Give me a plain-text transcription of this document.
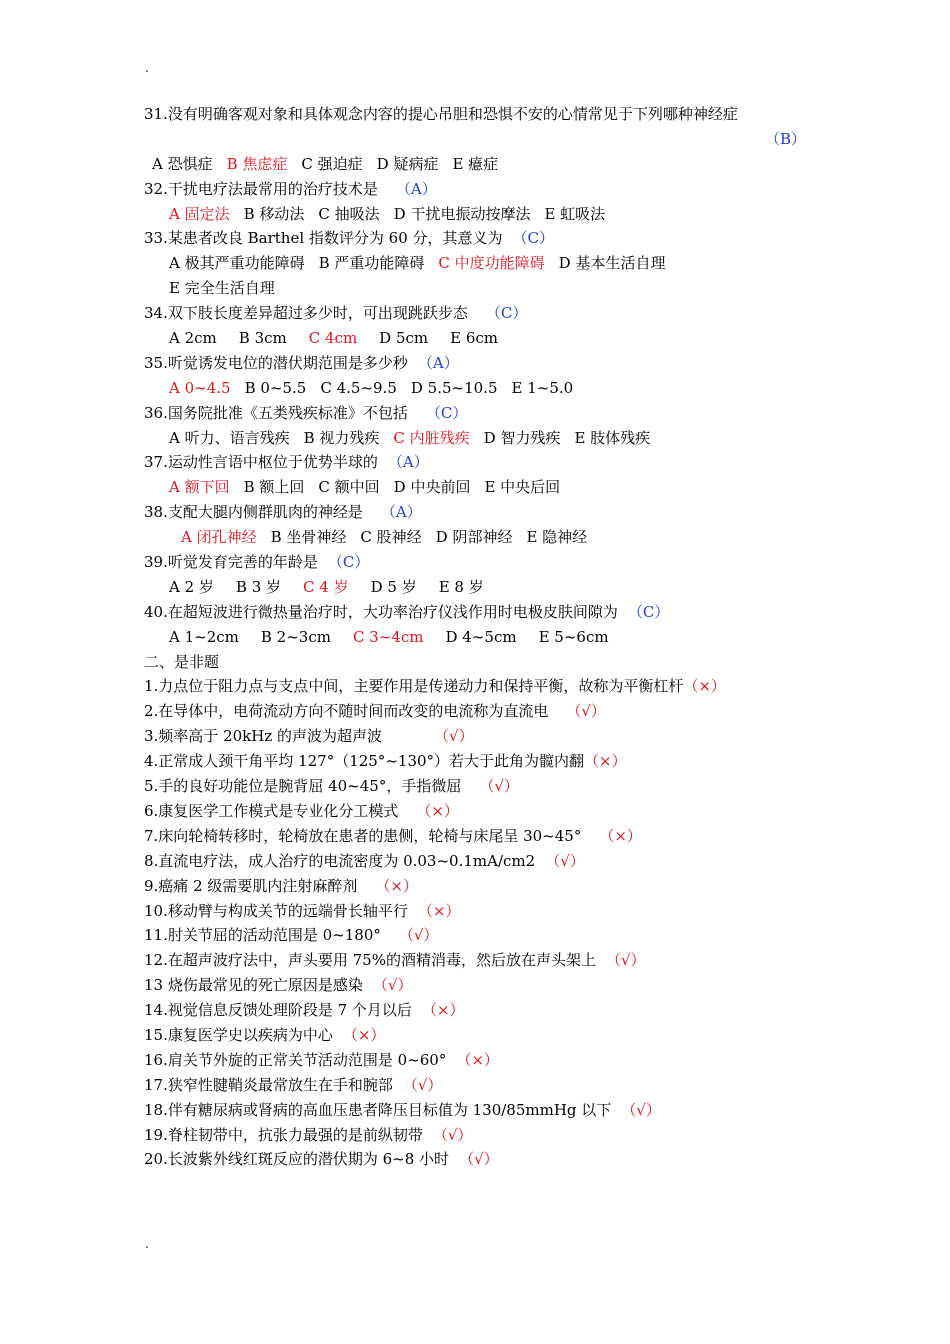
.
31.没有明确客观对象和具体观念内容的提心吊胆和恐惧不安的心情常见于下列哪种神经症
（B）
A 恐惧症 B 焦虑症 C 强迫症 D 疑病症 E 癔症
32.干扰电疗法最常用的治疗技术是 （A）
A 固定法 B 移动法 C 抽吸法 D 干扰电振动按摩法 E 虹吸法
33.某患者改良 Barthel 指数评分为 60 分，其意义为 （C）
A 极其严重功能障碍 B 严重功能障碍 C 中度功能障碍 D 基本生活自理
E 完全生活自理
34.双下肢长度差异超过多少时，可出现跳跃步态 （C）
A 2cm B 3cm C 4cm D 5cm E 6cm
35.听觉诱发电位的潜伏期范围是多少秒 （A）
A 0~4.5 B 0~5.5 C 4.5~9.5 D 5.5~10.5 E 1~5.0
36.国务院批准《五类残疾标准》不包括 （C）
A 听力、语言残疾 B 视力残疾 C 内脏残疾 D 智力残疾 E 肢体残疾
37.运动性言语中枢位于优势半球的 （A）
A 额下回 B 额上回 C 额中回 D 中央前回 E 中央后回
38.支配大腿内侧群肌肉的神经是 （A）
A 闭孔神经 B 坐骨神经 C 股神经 D 阴部神经 E 隐神经
39.听觉发育完善的年龄是 （C）
A 2 岁 B 3 岁 C 4 岁 D 5 岁 E 8 岁
40.在超短波进行微热量治疗时，大功率治疗仪浅作用时电极皮肤间隙为 （C）
A 1~2cm B 2~3cm C 3~4cm D 4~5cm E 5~6cm
二、是非题
1.力点位于阻力点与支点中间，主要作用是传递动力和保持平衡，故称为平衡杠杆（×）
2.在导体中，电荷流动方向不随时间而改变的电流称为直流电 （√）
3.频率高于 20kHz 的声波为超声波	（√）
4.正常成人颈干角平均 127°（125°~130°）若大于此角为髋内翻（×）
5.手的良好功能位是腕背屈 40~45°，手指微屈 （√）
6.康复医学工作模式是专业化分工模式 （×）
7.床向轮椅转移时，轮椅放在患者的患侧，轮椅与床尾呈 30~45° （×）
8.直流电疗法，成人治疗的电流密度为 0.03~0.1mA/cm2 （√）
9.癌痛 2 级需要肌内注射麻醉剂 （×）
10.移动臂与构成关节的远端骨长轴平行 （×）
11.肘关节屈的活动范围是 0~180° （√）
12.在超声波疗法中，声头要用 75%的酒精消毒，然后放在声头架上 （√）
13 烧伤最常见的死亡原因是感染 （√）
14.视觉信息反馈处理阶段是 7 个月以后 （×）
15.康复医学史以疾病为中心 （×）
16.肩关节外旋的正常关节活动范围是 0~60° （×）
17.狭窄性腱鞘炎最常放生在手和腕部 （√）
18.伴有糖尿病或肾病的高血压患者降压目标值为 130/85mmHg 以下 （√）
19.脊柱韧带中，抗张力最强的是前纵韧带 （√）
20.长波紫外线红斑反应的潜伏期为 6~8 小时 （√）
.
